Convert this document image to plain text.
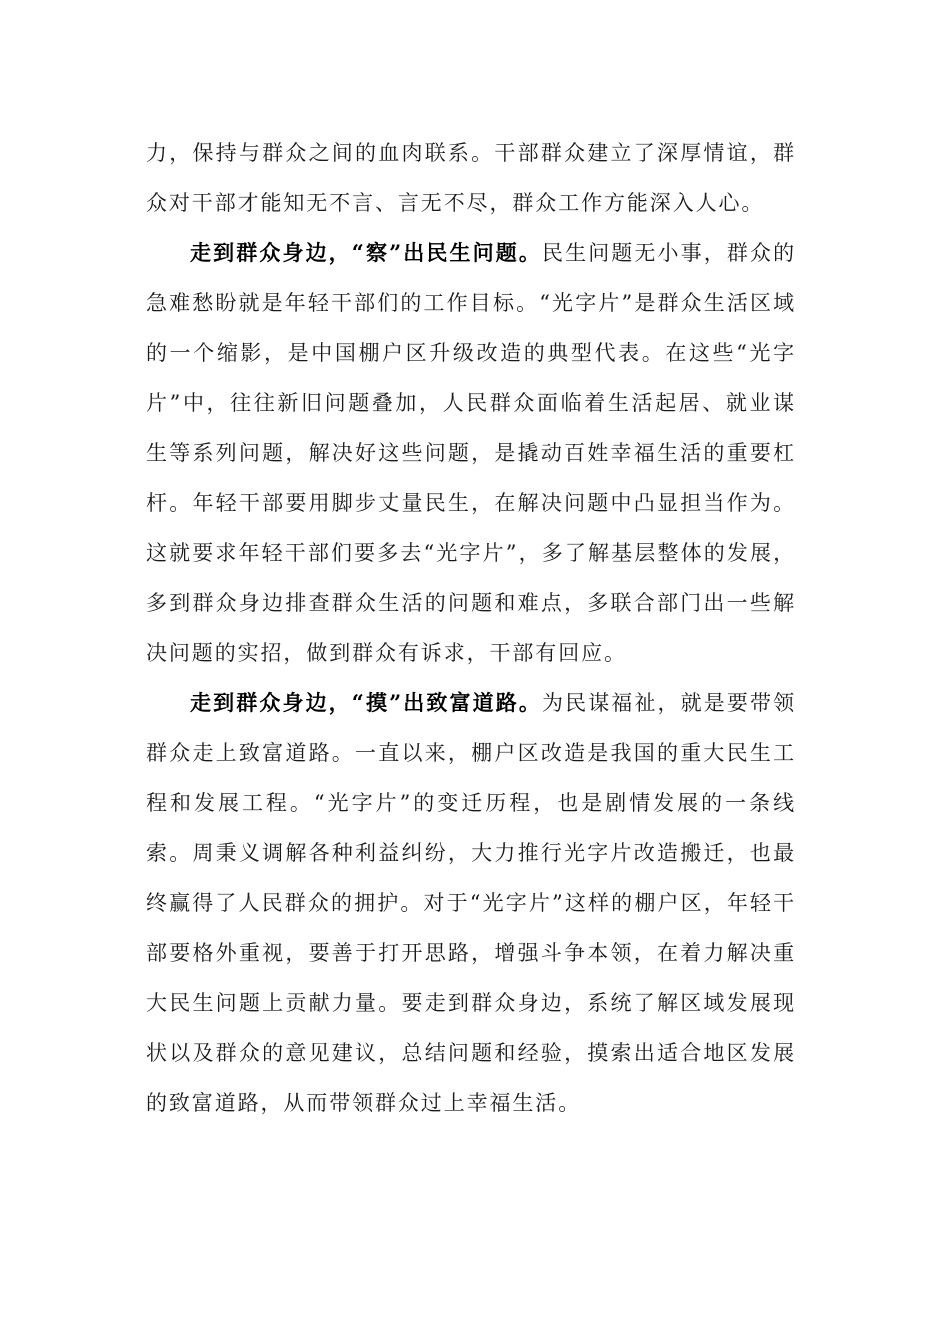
力，保持与群众之间的血肉联系。干部群众建立了深厚情谊，群众对干部才能知无不言、言无不尽，群众工作方能深入人心。

走到群众身边，“察”出民生问题。民生问题无小事，群众的急难愁盼就是年轻干部们的工作目标。“光字片”是群众生活区域的一个缩影，是中国棚户区升级改造的典型代表。在这些“光字片”中，往往新旧问题叠加，人民群众面临着生活起居、就业谋生等系列问题，解决好这些问题，是撬动百姓幸福生活的重要杠杆。年轻干部要用脚步丈量民生，在解决问题中凸显担当作为。这就要求年轻干部们要多去“光字片”，多了解基层整体的发展，多到群众身边排查群众生活的问题和难点，多联合部门出一些解决问题的实招，做到群众有诉求，干部有回应。

走到群众身边，“摸”出致富道路。为民谋福祉，就是要带领群众走上致富道路。一直以来，棚户区改造是我国的重大民生工程和发展工程。“光字片”的变迁历程，也是剧情发展的一条线索。周秉义调解各种利益纠纷，大力推行光字片改造搬迁，也最终赢得了人民群众的拥护。对于“光字片”这样的棚户区，年轻干部要格外重视，要善于打开思路，增强斗争本领，在着力解决重大民生问题上贡献力量。要走到群众身边，系统了解区域发展现状以及群众的意见建议，总结问题和经验，摸索出适合地区发展的致富道路，从而带领群众过上幸福生活。
